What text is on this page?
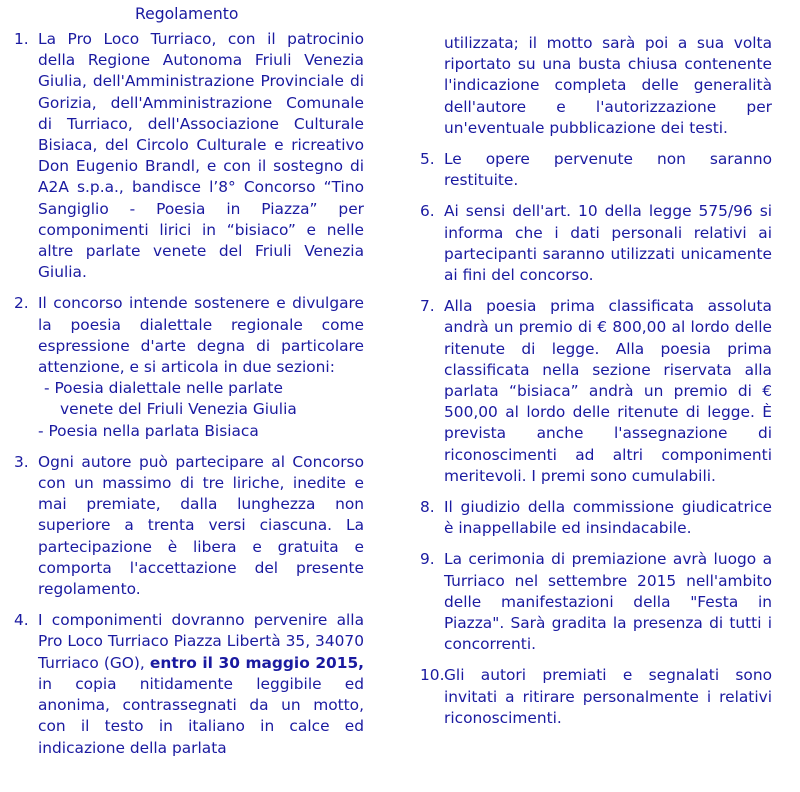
Regolamento
1. La Pro Loco Turriaco, con il patrocinio della Regione Autonoma Friuli Venezia Giulia, dell'Amministrazione Provinciale di Gorizia, dell'Amministrazione Comunale di Turriaco, dell'Associazione Culturale Bisiaca, del Circolo Culturale e ricreativo Don Eugenio Brandl, e con il sostegno di A2A s.p.a., bandisce l’8° Concorso “Tino Sangiglio - Poesia in Piazza” per componimenti lirici in “bisiaco” e nelle altre parlate venete del Friuli Venezia Giulia.
2. Il concorso intende sostenere e divulgare la poesia dialettale regionale come espressione d'arte degna di particolare attenzione, e si articola in due sezioni:
- Poesia dialettale nelle parlate
venete del Friuli Venezia Giulia
- Poesia nella parlata Bisiaca
3. Ogni autore può partecipare al Concorso con un massimo di tre liriche, inedite e mai premiate, dalla lunghezza non superiore a trenta versi ciascuna. La partecipazione è libera e gratuita e comporta l'accettazione del presente regolamento.
4. I componimenti dovranno pervenire alla Pro Loco Turriaco Piazza Libertà 35, 34070 Turriaco (GO), entro il 30 maggio 2015, in copia nitidamente leggibile ed anonima, contrassegnati da un motto, con il testo in italiano in calce ed indicazione della parlata
utilizzata; il motto sarà poi a sua volta riportato su una busta chiusa contenente l'indicazione completa delle generalità dell'autore e l'autorizzazione per un'eventuale pubblicazione dei testi.
5. Le opere pervenute non saranno restituite.
6. Ai sensi dell'art. 10 della legge 575/96 si informa che i dati personali relativi ai partecipanti saranno utilizzati unicamente ai fini del concorso.
7. Alla poesia prima classificata assoluta andrà un premio di € 800,00 al lordo delle ritenute di legge. Alla poesia prima classificata nella sezione riservata alla parlata “bisiaca” andrà un premio di € 500,00 al lordo delle ritenute di legge. È prevista anche l'assegnazione di riconoscimenti ad altri componimenti meritevoli. I premi sono cumulabili.
8. Il giudizio della commissione giudicatrice è inappellabile ed insindacabile.
9. La cerimonia di premiazione avrà luogo a Turriaco nel settembre 2015 nell'ambito delle manifestazioni della "Festa in Piazza". Sarà gradita la presenza di tutti i concorrenti.
10. Gli autori premiati e segnalati sono invitati a ritirare personalmente i relativi riconoscimenti.
